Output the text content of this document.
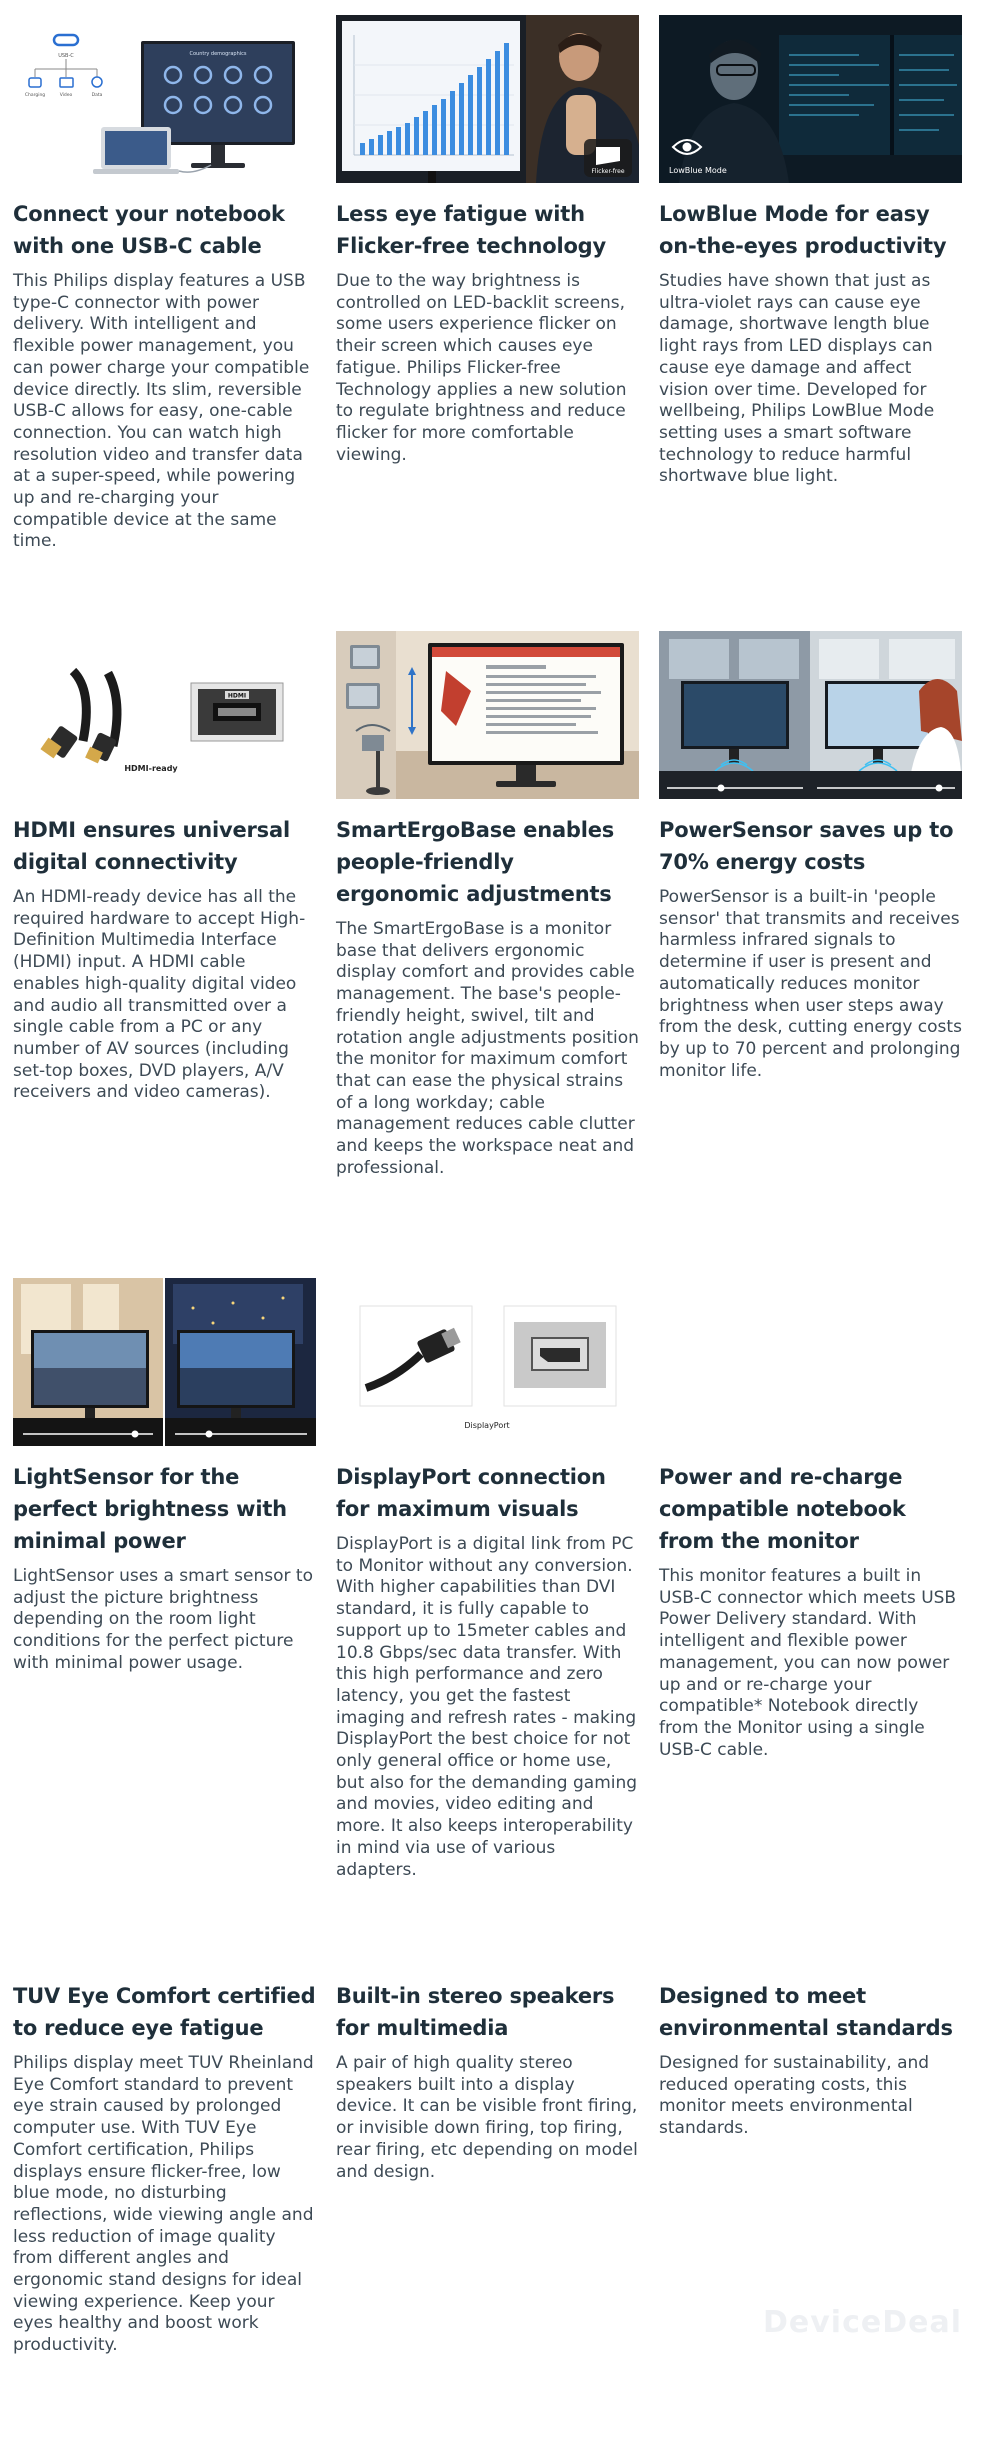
USB-C
Charging	Video	Data
Country demographics
Connect your notebook with one USB-C cable

This Philips display features a USB type-C connector with power delivery. With intelligent and flexible power management, you can power charge your compatible device directly. Its slim, reversible USB-C allows for easy, one-cable connection. You can watch high resolution video and transfer data at a super-speed, while powering up and re-charging your compatible device at the same time.

Flicker-free
Less eye fatigue with Flicker-free technology

Due to the way brightness is controlled on LED-backlit screens, some users experience flicker on their screen which causes eye fatigue. Philips Flicker-free Technology applies a new solution to regulate brightness and reduce flicker for more comfortable viewing.

LowBlue Mode
LowBlue Mode for easy on-the-eyes productivity

Studies have shown that just as ultra-violet rays can cause eye damage, shortwave length blue light rays from LED displays can cause eye damage and affect vision over time. Developed for wellbeing, Philips LowBlue Mode setting uses a smart software technology to reduce harmful shortwave blue light.

HDMI
HDMI-ready
HDMI ensures universal digital connectivity

An HDMI-ready device has all the required hardware to accept High-Definition Multimedia Interface (HDMI) input. A HDMI cable enables high-quality digital video and audio all transmitted over a single cable from a PC or any number of AV sources (including set-top boxes, DVD players, A/V receivers and video cameras).

SmartErgoBase enables people-friendly ergonomic adjustments

The SmartErgoBase is a monitor base that delivers ergonomic display comfort and provides cable management. The base's people-friendly height, swivel, tilt and rotation angle adjustments position the monitor for maximum comfort that can ease the physical strains of a long workday; cable management reduces cable clutter and keeps the workspace neat and professional.

PowerSensor saves up to 70% energy costs

PowerSensor is a built-in 'people sensor' that transmits and receives harmless infrared signals to determine if user is present and automatically reduces monitor brightness when user steps away from the desk, cutting energy costs by up to 70 percent and prolonging monitor life.

LightSensor for the perfect brightness with minimal power

LightSensor uses a smart sensor to adjust the picture brightness depending on the room light conditions for the perfect picture with minimal power usage.

DisplayPort
DisplayPort connection for maximum visuals

DisplayPort is a digital link from PC to Monitor without any conversion. With higher capabilities than DVI standard, it is fully capable to support up to 15meter cables and 10.8 Gbps/sec data transfer. With this high performance and zero latency, you get the fastest imaging and refresh rates - making DisplayPort the best choice for not only general office or home use, but also for the demanding gaming and movies, video editing and more. It also keeps interoperability in mind via use of various adapters.

Power and re-charge compatible notebook from the monitor

This monitor features a built in USB-C connector which meets USB Power Delivery standard. With intelligent and flexible power management, you can now power up and or re-charge your compatible* Notebook directly from the Monitor using a single USB-C cable.

TUV Eye Comfort certified to reduce eye fatigue

Philips display meet TUV Rheinland Eye Comfort standard to prevent eye strain caused by prolonged computer use. With TUV Eye Comfort certification, Philips displays ensure flicker-free, low blue mode, no disturbing reflections, wide viewing angle and less reduction of image quality from different angles and ergonomic stand designs for ideal viewing experience. Keep your eyes healthy and boost work productivity.

Built-in stereo speakers for multimedia

A pair of high quality stereo speakers built into a display device. It can be visible front firing, or invisible down firing, top firing, rear firing, etc depending on model and design.

Designed to meet environmental standards

Designed for sustainability, and reduced operating costs, this monitor meets environmental standards.

DeviceDeal
